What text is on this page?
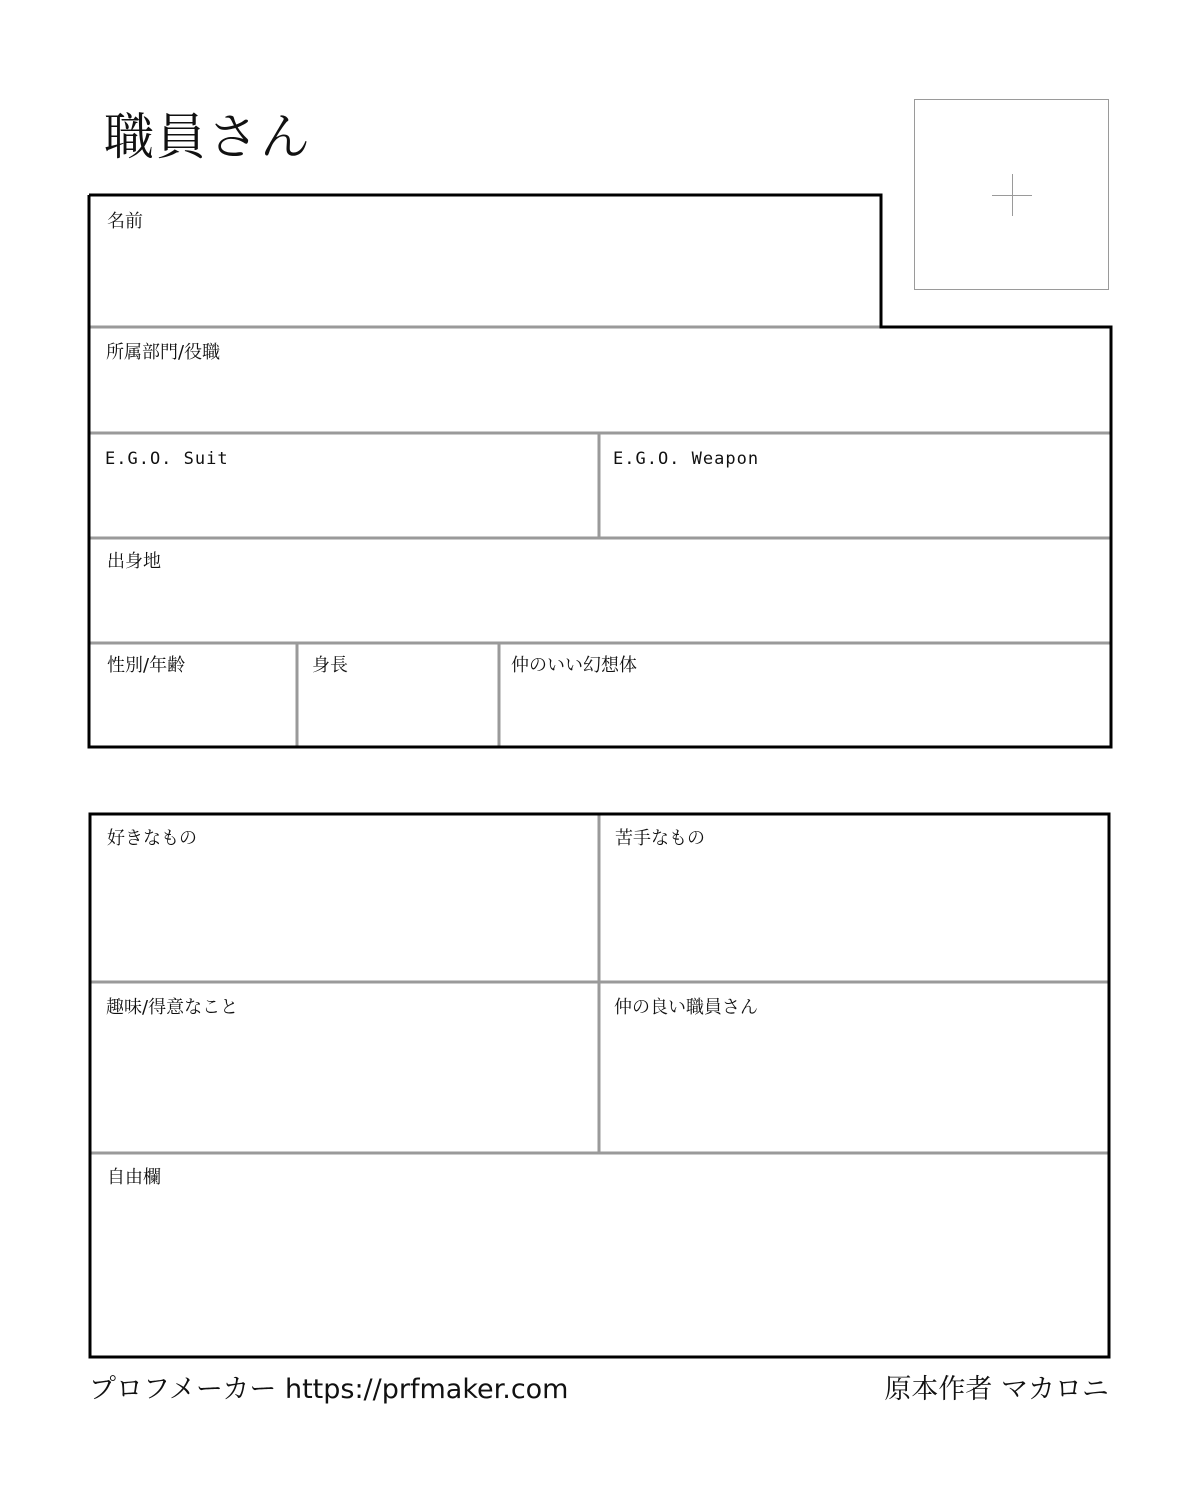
職員さん
名前
所属部門/役職
E.G.O. Suit	E.G.O. Weapon
出身地
性別/年齢	身長	仲のいい幻想体
好きなもの	苦手なもの
趣味/得意なこと	仲の良い職員さん
自由欄
プロフメーカー https://prfmaker.com	原本作者 マカロニ
